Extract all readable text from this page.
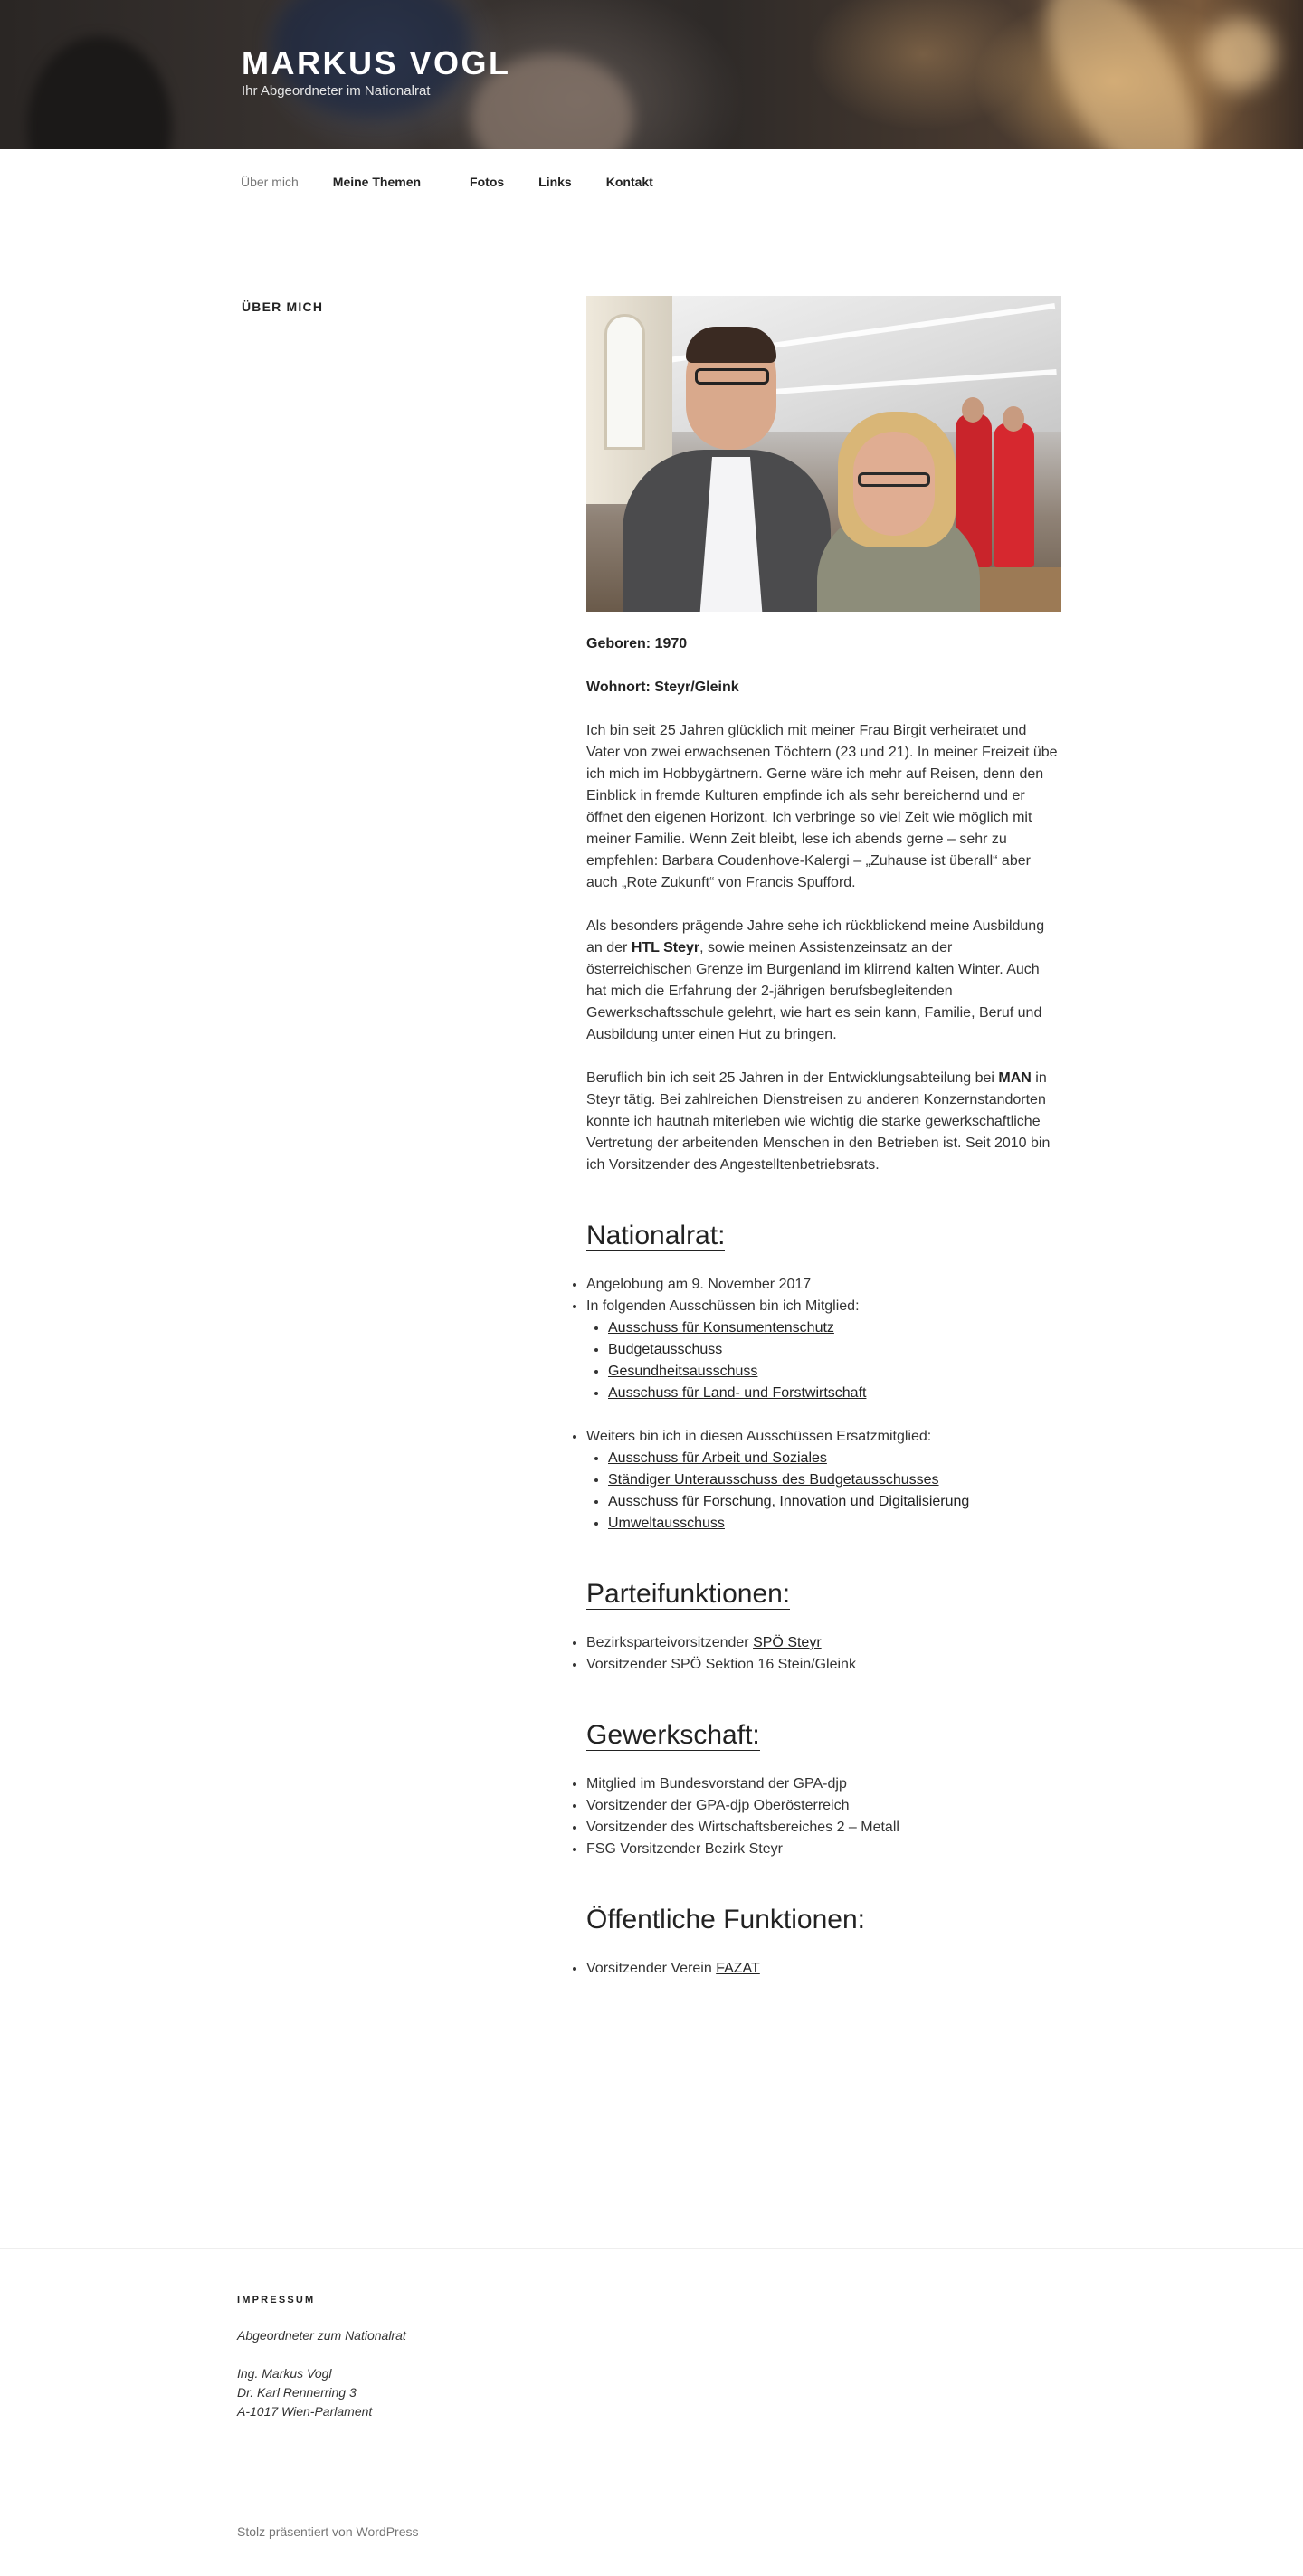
MARKUS VOGL
Ihr Abgeordneter im Nationalrat
Über mich	Meine Themen	Fotos	Links	Kontakt
ÜBER MICH

Geboren: 1970

Wohnort: Steyr/Gleink

Ich bin seit 25 Jahren glücklich mit meiner Frau Birgit verheiratet und Vater von zwei erwachsenen Töchtern (23 und 21). In meiner Freizeit übe ich mich im Hobbygärtnern. Gerne wäre ich mehr auf Reisen, denn den Einblick in fremde Kulturen empfinde ich als sehr bereichernd und er öffnet den eigenen Horizont. Ich verbringe so viel Zeit wie möglich mit meiner Familie. Wenn Zeit bleibt, lese ich abends gerne – sehr zu empfehlen: Barbara Coudenhove-Kalergi – „Zuhause ist überall“ aber auch „Rote Zukunft“ von Francis Spufford.

Als besonders prägende Jahre sehe ich rückblickend meine Ausbildung an der HTL Steyr, sowie meinen Assistenzeinsatz an der österreichischen Grenze im Burgenland im klirrend kalten Winter. Auch hat mich die Erfahrung der 2-jährigen berufsbegleitenden Gewerkschaftsschule gelehrt, wie hart es sein kann, Familie, Beruf und Ausbildung unter einen Hut zu bringen.

Beruflich bin ich seit 25 Jahren in der Entwicklungsabteilung bei MAN in Steyr tätig. Bei zahlreichen Dienstreisen zu anderen Konzernstandorten konnte ich hautnah miterleben wie wichtig die starke gewerkschaftliche Vertretung der arbeitenden Menschen in den Betrieben ist. Seit 2010 bin ich Vorsitzender des Angestelltenbetriebsrats.

Nationalrat:
• Angelobung am 9. November 2017
• In folgenden Ausschüssen bin ich Mitglied:
• Ausschuss für Konsumentenschutz
• Budgetausschuss
• Gesundheitsausschuss
• Ausschuss für Land- und Forstwirtschaft
• Weiters bin ich in diesen Ausschüssen Ersatzmitglied:
• Ausschuss für Arbeit und Soziales
• Ständiger Unterausschuss des Budgetausschusses
• Ausschuss für Forschung, Innovation und Digitalisierung
• Umweltausschuss
Parteifunktionen:
• Bezirksparteivorsitzender SPÖ Steyr
• Vorsitzender SPÖ Sektion 16 Stein/Gleink
Gewerkschaft:
• Mitglied im Bundesvorstand der GPA-djp
• Vorsitzender der GPA-djp Oberösterreich
• Vorsitzender des Wirtschaftsbereiches 2 – Metall
• FSG Vorsitzender Bezirk Steyr
Öffentliche Funktionen:
• Vorsitzender Verein FAZAT
IMPRESSUM

Abgeordneter zum Nationalrat

Ing. Markus Vogl
Dr. Karl Rennerring 3
A-1017 Wien-Parlament

Stolz präsentiert von WordPress
